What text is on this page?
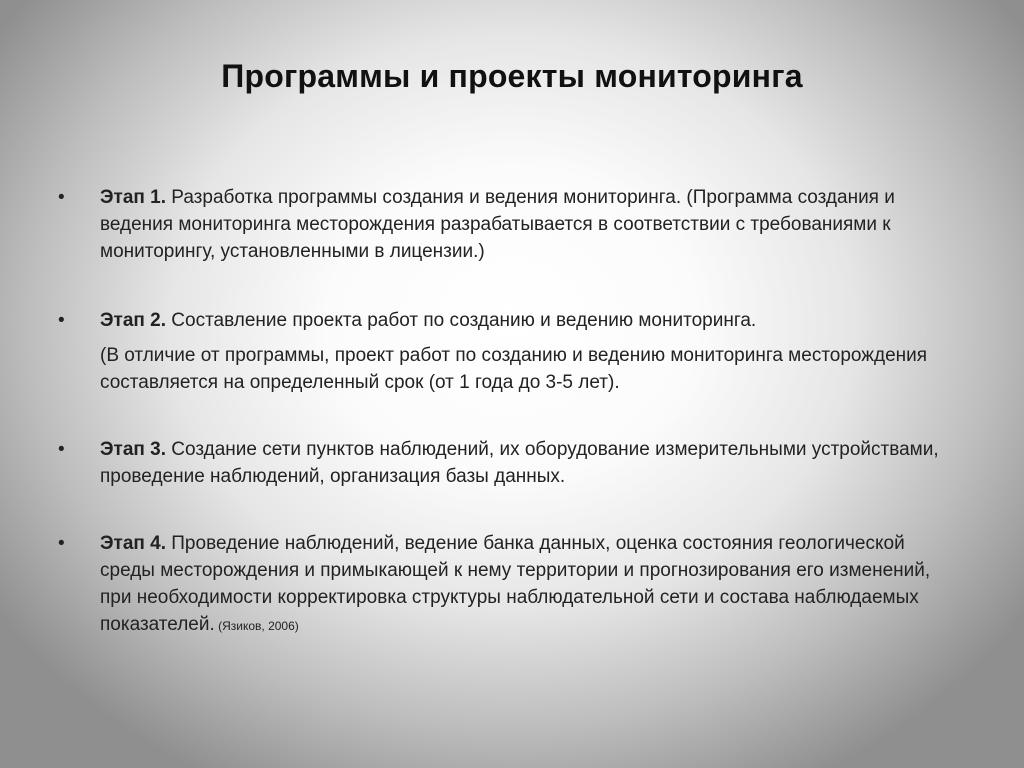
Программы и проекты мониторинга
•	Этап 1. Разработка программы создания и ведения мониторинга. (Программа создания и ведения мониторинга месторождения разрабатывается в соответствии с требованиями к мониторингу, установленными в лицензии.)
•	Этап 2. Составление проекта работ по созданию и ведению мониторинга.
(В отличие от программы, проект работ по созданию и ведению мониторинга месторождения составляется на определенный срок (от 1 года до 3-5 лет).
•	Этап 3. Создание сети пунктов наблюдений, их оборудование измерительными устройствами, проведение наблюдений, организация базы данных.
•	Этап 4. Проведение наблюдений, ведение банка данных, оценка состояния геологической среды месторождения и примыкающей к нему территории и прогнозирования его изменений, при необходимости корректировка структуры наблюдательной сети и состава наблюдаемых показателей. (Язиков, 2006)
